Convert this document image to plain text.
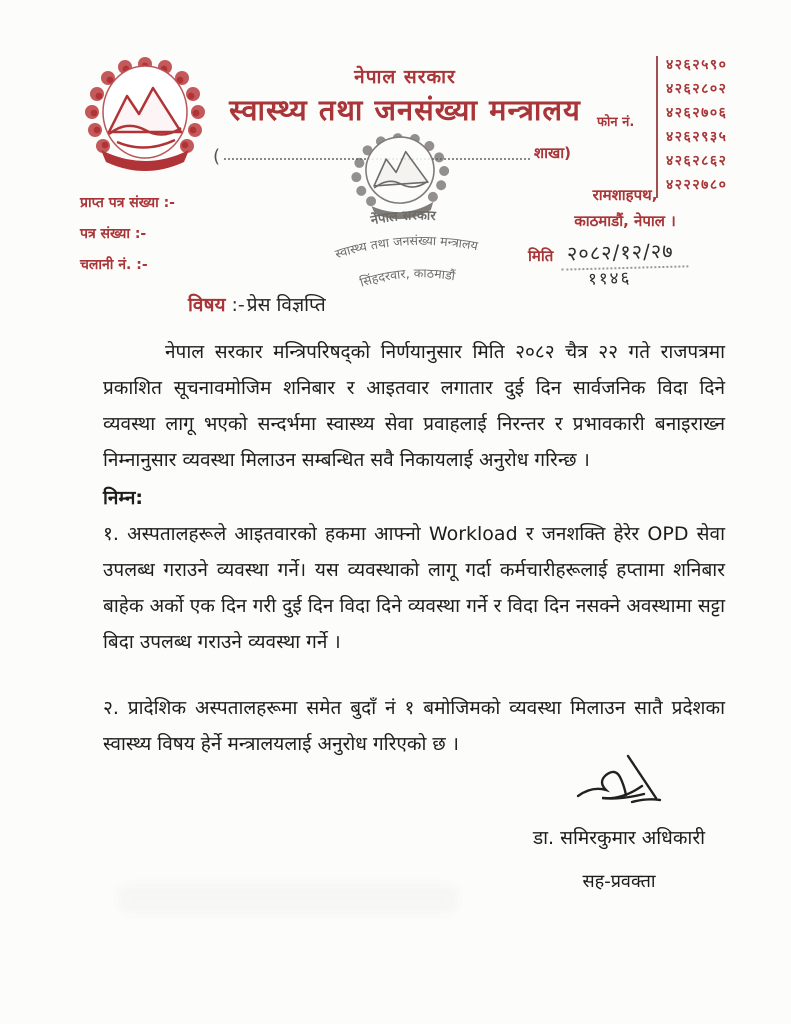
नेपाल सरकार
स्वास्थ्य तथा जनसंख्या मन्त्रालय
(	शाखा)
फोन नं.
४२६२५९०
४२६२८०२
४२६२७०६
४२६२९३५
४२६२८६२
४२२२७८०
रामशाहपथ,
काठमाडौं, नेपाल ।
प्राप्त पत्र संख्या :-
पत्र संख्या :-
चलानी नं. :-	मिति २०८२/१२/२७
११४६
नेपाल सरकार
स्वास्थ्य तथा जनसंख्या मन्त्रालय
सिंहदरवार, काठमाडौं
विषय :- प्रेस विज्ञप्ति

नेपाल सरकार मन्त्रिपरिषद्को निर्णयानुसार मिति २०८२ चैत्र २२ गते राजपत्रमा प्रकाशित सूचनावमोजिम शनिबार र आइतवार लगातार दुई दिन सार्वजनिक विदा दिने व्यवस्था लागू भएको सन्दर्भमा स्वास्थ्य सेवा प्रवाहलाई निरन्तर र प्रभावकारी बनाइराख्न निम्नानुसार व्यवस्था मिलाउन सम्बन्धित सवै निकायलाई अनुरोध गरिन्छ ।

निम्न:

१. अस्पतालहरूले आइतवारको हकमा आफ्नो Workload र जनशक्ति हेरेर OPD सेवा उपलब्ध गराउने व्यवस्था गर्ने। यस व्यवस्थाको लागू गर्दा कर्मचारीहरूलाई हप्तामा शनिबार बाहेक अर्को एक दिन गरी दुई दिन विदा दिने व्यवस्था गर्ने र विदा दिन नसक्ने अवस्थामा सट्टा बिदा उपलब्ध गराउने व्यवस्था गर्ने ।

२. प्रादेशिक अस्पतालहरूमा समेत बुदाँ नं १ बमोजिमको व्यवस्था मिलाउन सातै प्रदेशका स्वास्थ्य विषय हेर्ने मन्त्रालयलाई अनुरोध गरिएको छ ।

डा. समिरकुमार अधिकारी
सह-प्रवक्ता
